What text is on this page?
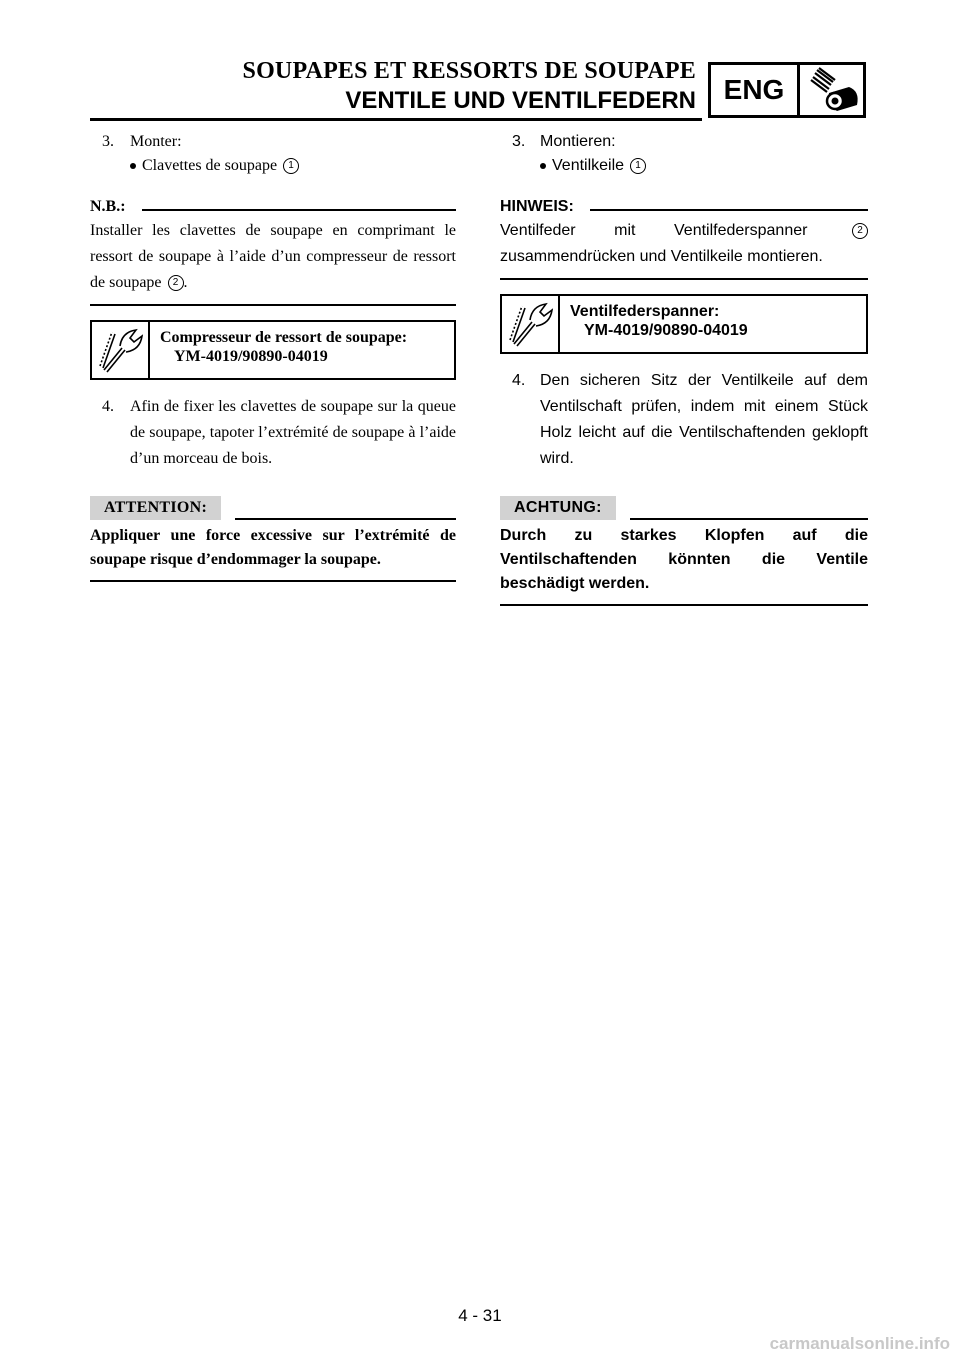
SOUPAPES ET RESSORTS DE SOUPAPE
VENTILE UND VENTILFEDERN ENG
3. Monter:
Clavettes de soupape	1
N.B.:
Installer les clavettes de soupape en comprimant le ressort de soupape à l’aide d’un compresseur de ressort de soupape 2 .
Compresseur de ressort de soupape:
YM-4019/90890-04019
4. Afin de fixer les clavettes de soupape sur la queue de soupape, tapoter l’extrémité de soupape à l’aide d’un morceau de bois.
ATTENTION:
Appliquer une force excessive sur l’extrémité de soupape risque d’endommager la soupape.
3. Montieren:
Ventilkeile	1
HINWEIS:
Ventilfeder mit Ventilfederspanner	2 zusammendrücken und Ventilkeile montieren.
Ventilfederspanner:
YM-4019/90890-04019
4. Den sicheren Sitz der Ventilkeile auf dem Ventilschaft prüfen, indem mit einem Stück Holz leicht auf die Ventilschaftenden geklopft wird.
ACHTUNG:
Durch zu starkes Klopfen auf die Ventilschaftenden könnten die Ventile beschädigt werden.
4 - 31
carmanualsonline.info
